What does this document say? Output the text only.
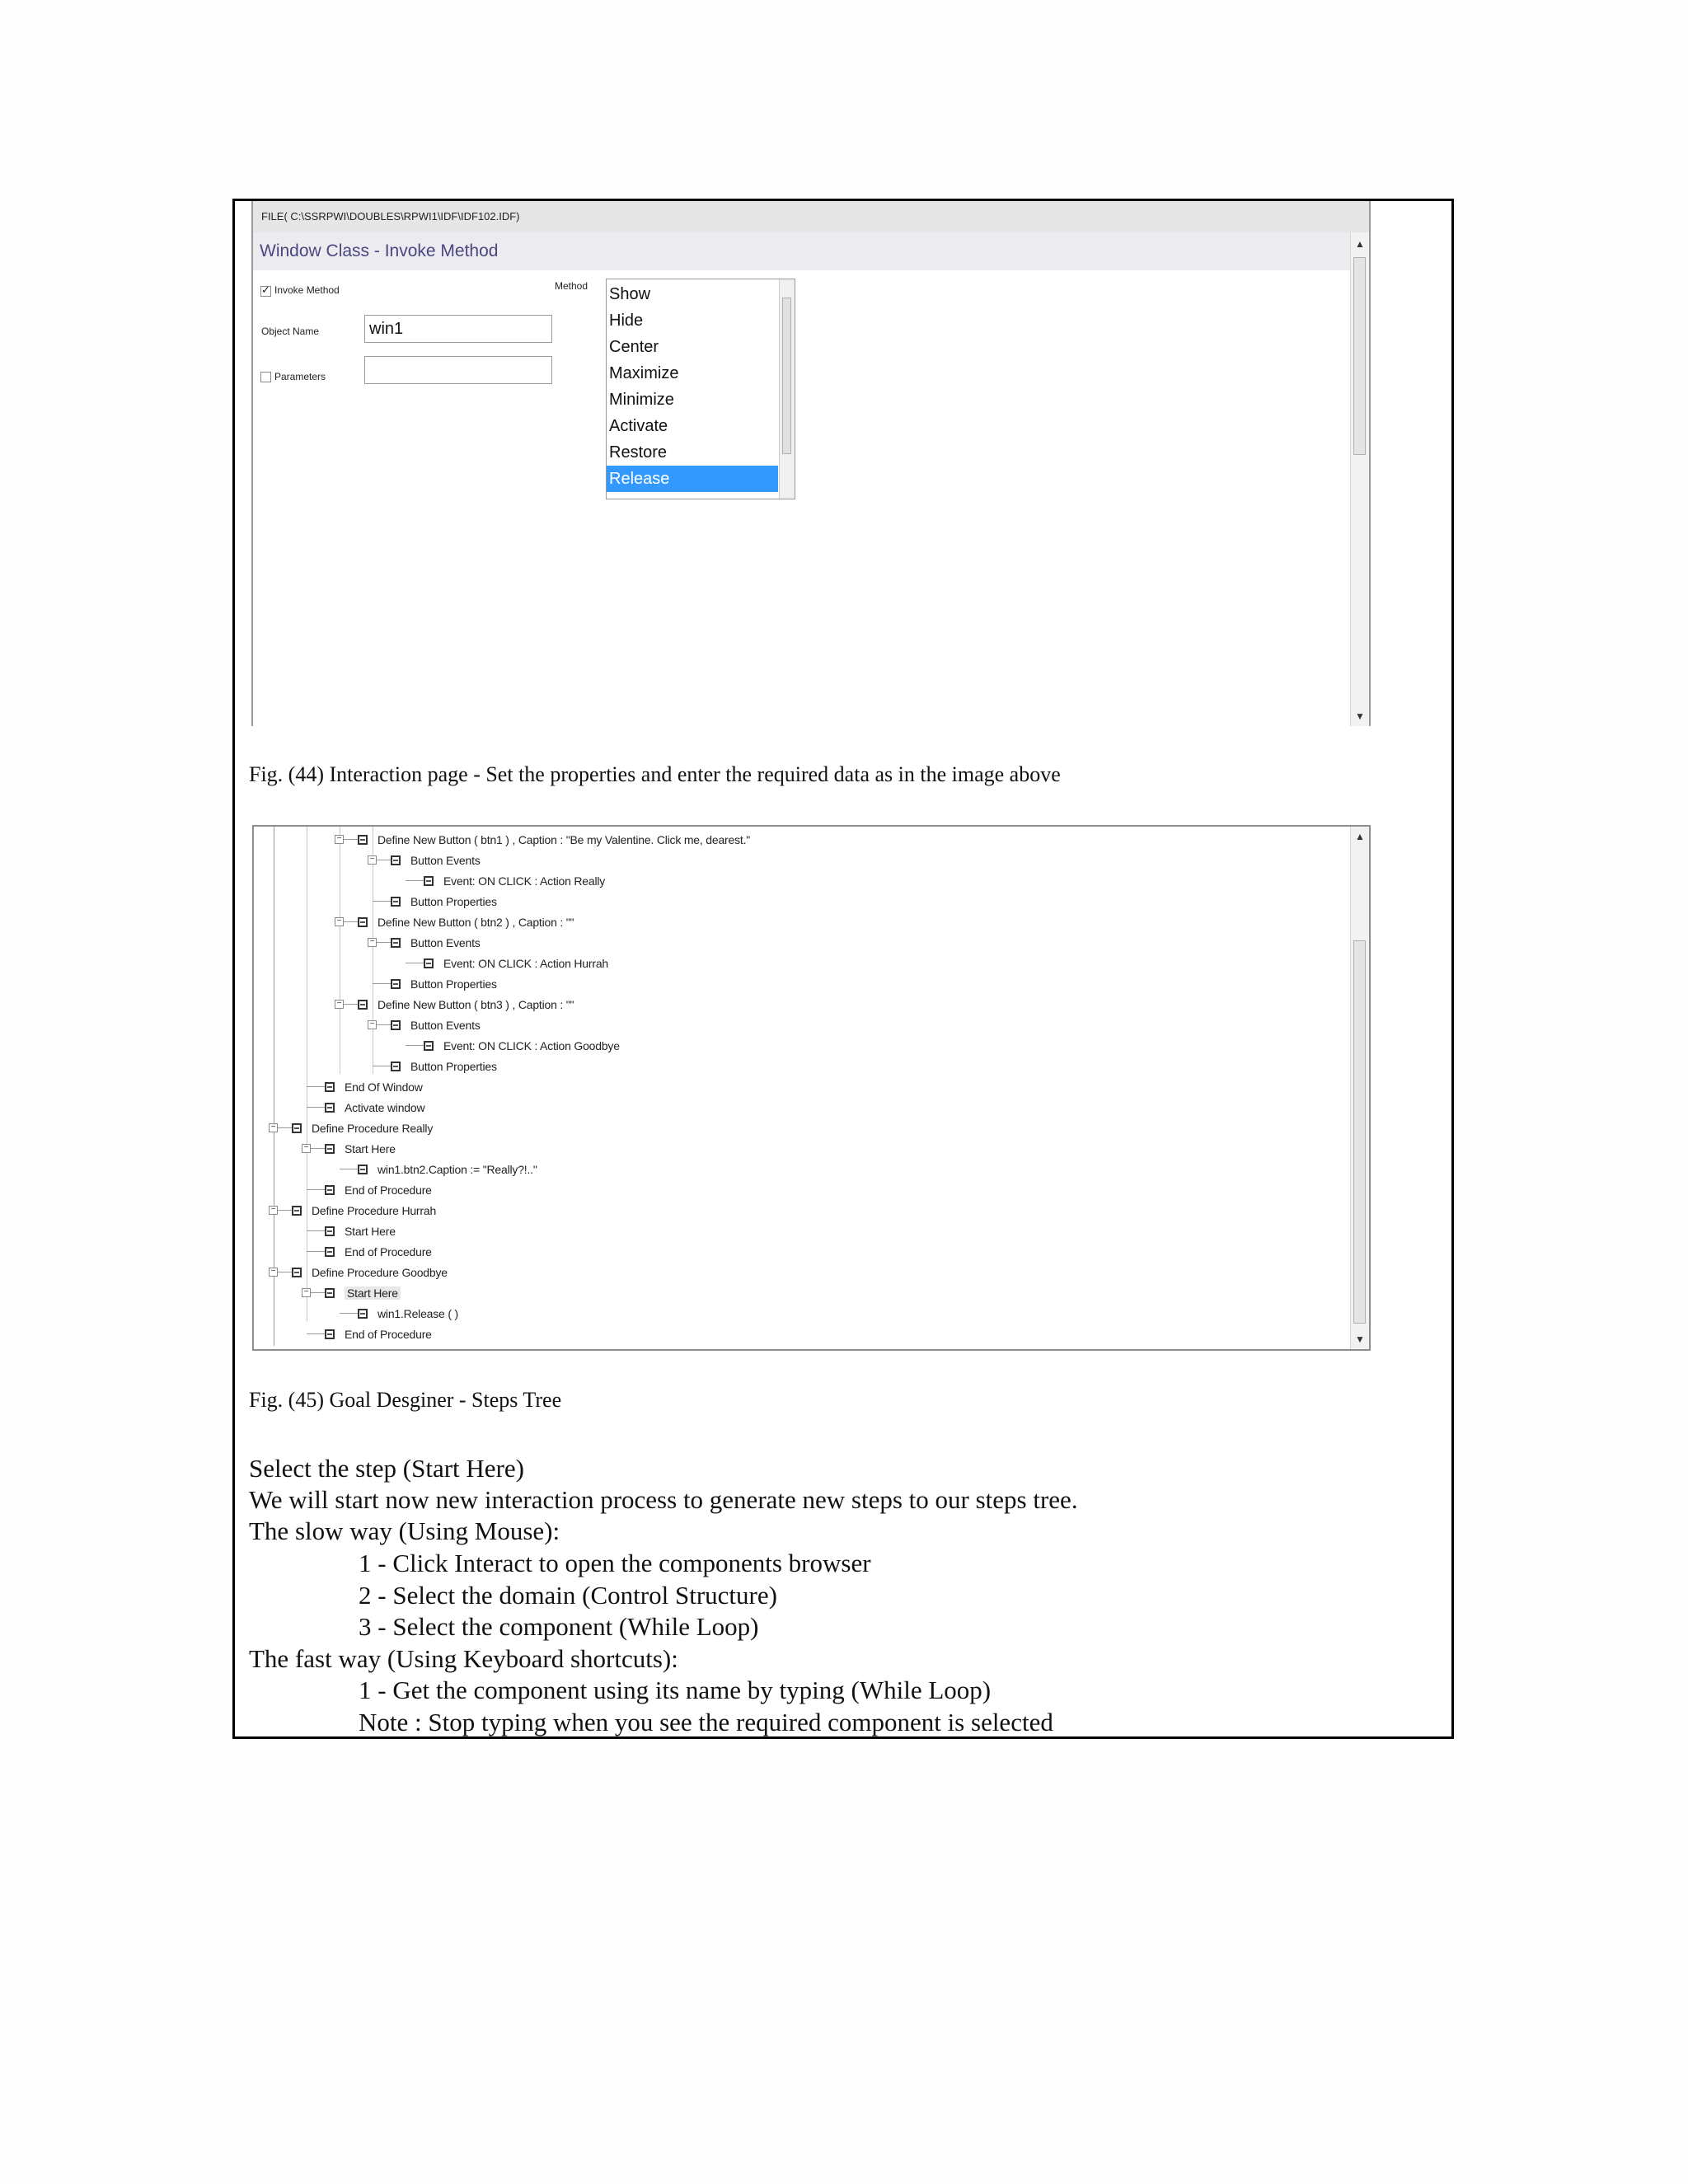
FILE( C:\SSRPWI\DOUBLES\RPWI1\IDF\IDF102.IDF)
Window Class - Invoke Method
✓
Invoke Method
Object Name	win1
Parameters
Method Show
Hide
Center
Maximize
Minimize
Activate
Restore
Release
▲
▼
Fig. (44) Interaction page - Set the properties and enter the required data as in the image above
−	Define New Button ( btn1 ) , Caption : "Be my Valentine. Click me, dearest."
−	Button Events
Event: ON CLICK : Action Really
Button Properties
−	Define New Button ( btn2 ) , Caption : ""
−	Button Events
Event: ON CLICK : Action Hurrah
Button Properties
−	Define New Button ( btn3 ) , Caption : ""
−	Button Events
Event: ON CLICK : Action Goodbye
Button Properties
End Of Window
Activate window
−	Define Procedure Really
−	Start Here
win1.btn2.Caption := "Really?!.."
End of Procedure
−	Define Procedure Hurrah
Start Here
End of Procedure
−	Define Procedure Goodbye
−	Start Here
win1.Release ( )
End of Procedure
▲
▼
Fig. (45) Goal Desginer - Steps Tree
Select the step (Start Here)
We will start now new interaction process to generate new steps to our steps tree.
The slow way (Using Mouse):
1 - Click Interact to open the components browser
2 - Select the domain (Control Structure)
3 - Select the component (While Loop)
The fast way (Using Keyboard shortcuts):
1 - Get the component using its name by typing (While Loop)
Note : Stop typing when you see the required component is selected
